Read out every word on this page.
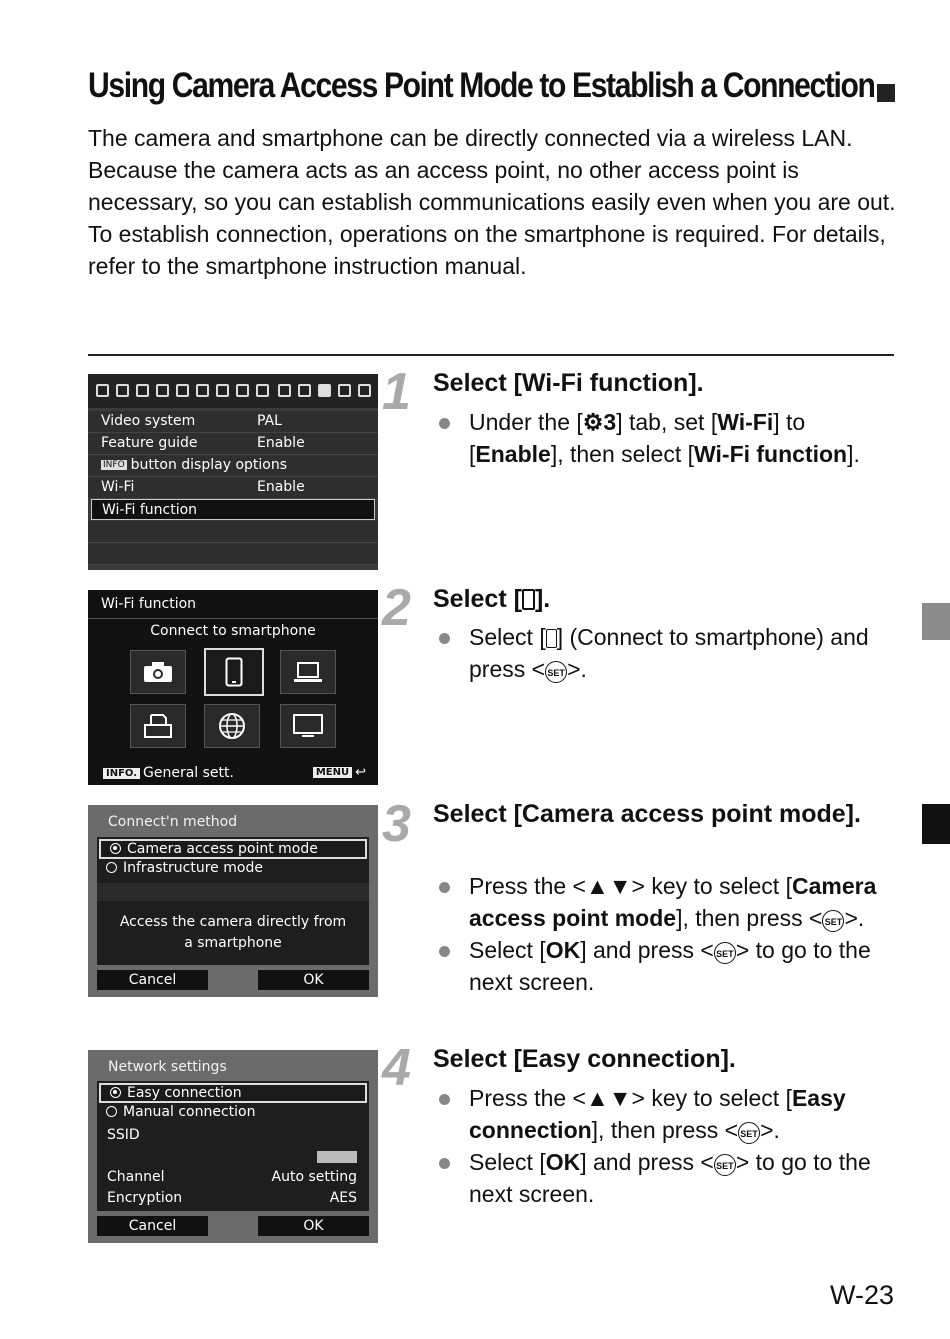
Using Camera Access Point Mode to Establish a Connection

The camera and smartphone can be directly connected via a wireless LAN.

Because the camera acts as an access point, no other access point is necessary, so you can establish communications easily even when you are out.

To establish connection, operations on the smartphone is required. For details, refer to the smartphone instruction manual.

Video system	PAL
Feature guide	Enable
INFO button display options
Wi-Fi	Enable
Wi-Fi function
Wi-Fi function
Connect to smartphone
INFO. General sett.	MENU ↩
Connect'n method
Camera access point mode
Infrastructure mode
Access the camera directly from
a smartphone
Cancel	OK
Network settings
Easy connection
Manual connection
SSID
Channel	Auto setting
Encryption	AES
Cancel	OK
1 Select [Wi-Fi function].
Under the [⚙3] tab, set [Wi-Fi] to [Enable], then select [Wi-Fi function].
2 Select [ ].
Select [ ] (Connect to smartphone) and press < SET>.
3 Select [Camera access point mode].
Press the <▲▼> key to select [Camera access point mode], then press < SET>.
Select [OK] and press < SET> to go to the next screen.
4 Select [Easy connection].
Press the <▲▼> key to select [Easy connection], then press < SET>.
Select [OK] and press < SET> to go to the next screen.
W-23
